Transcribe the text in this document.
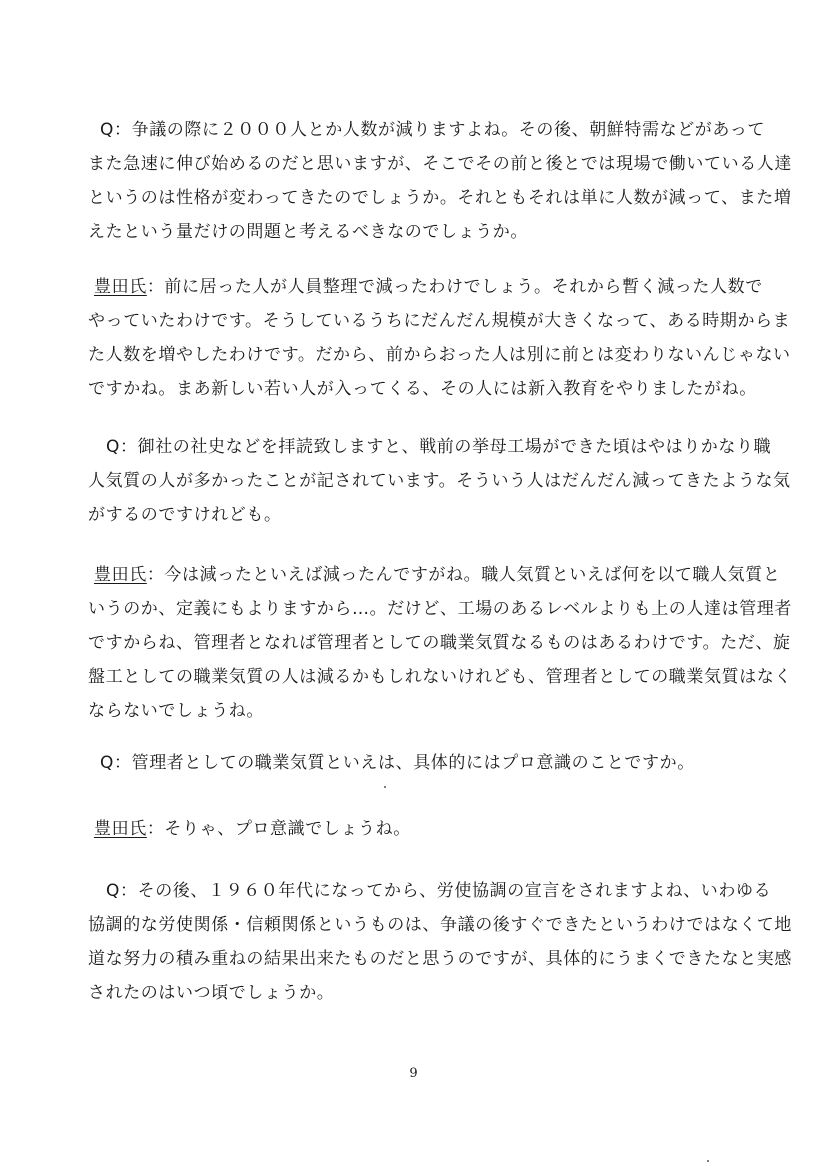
Q：争議の際に２０００人とか人数が減りますよね。その後、朝鮮特需などがあって
また急速に伸び始めるのだと思いますが、そこでその前と後とでは現場で働いている人達
というのは性格が変わってきたのでしょうか。それともそれは単に人数が減って、また増
えたという量だけの問題と考えるべきなのでしょうか。

豊田氏：前に居った人が人員整理で減ったわけでしょう。それから暫く減った人数で
やっていたわけです。そうしているうちにだんだん規模が大きくなって、ある時期からま
た人数を増やしたわけです。だから、前からおった人は別に前とは変わりないんじゃない
ですかね。まあ新しい若い人が入ってくる、その人には新入教育をやりましたがね。

Q：御社の社史などを拝読致しますと、戦前の挙母工場ができた頃はやはりかなり職
人気質の人が多かったことが記されています。そういう人はだんだん減ってきたような気
がするのですけれども。

豊田氏：今は減ったといえば減ったんですがね。職人気質といえば何を以て職人気質と
いうのか、定義にもよりますから…。だけど、工場のあるレベルよりも上の人達は管理者
ですからね、管理者となれば管理者としての職業気質なるものはあるわけです。ただ、旋
盤工としての職業気質の人は減るかもしれないけれども、管理者としての職業気質はなく
ならないでしょうね。

Q：管理者としての職業気質といえは、具体的にはプロ意識のことですか。

豊田氏：そりゃ、プロ意識でしょうね。

Q：その後、１９６０年代になってから、労使協調の宣言をされますよね、いわゆる
協調的な労使関係・信頼関係というものは、争議の後すぐできたというわけではなくて地
道な努力の積み重ねの結果出来たものだと思うのですが、具体的にうまくできたなと実感
されたのはいつ頃でしょうか。

9
